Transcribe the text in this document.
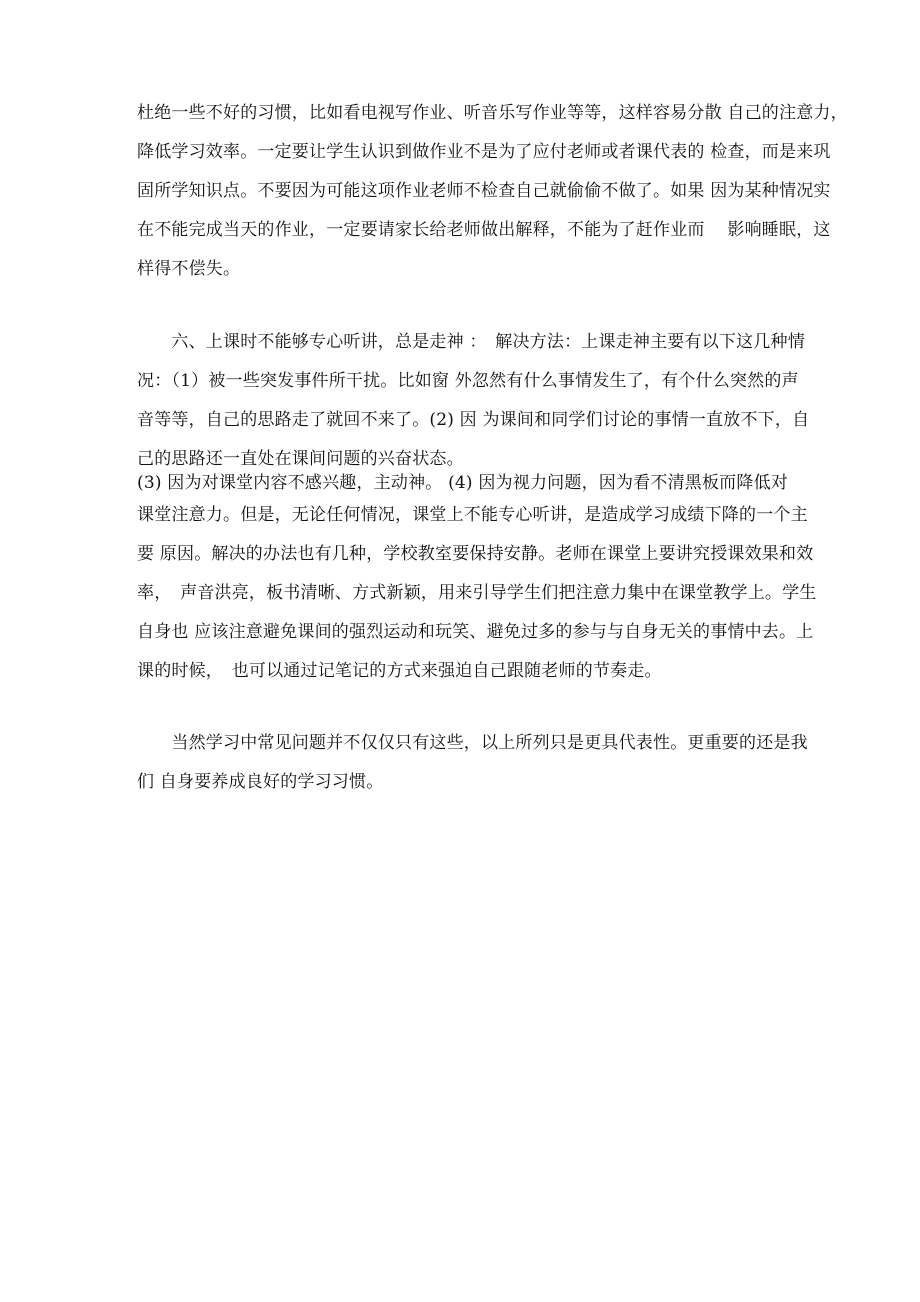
杜绝一些不好的习惯，比如看电视写作业、听音乐写作业等等，这样容易分散 自己的注意力，
降低学习效率。一定要让学生认识到做作业不是为了应付老师或者课代表的 检查，而是来巩
固所学知识点。不要因为可能这项作业老师不检查自己就偷偷不做了。如果 因为某种情况实
在不能完成当天的作业，一定要请家长给老师做出解释，不能为了赶作业而　 影响睡眠，这
样得不偿失。
　　六、上课时不能够专心听讲，总是走神 ：　解决方法：上课走神主要有以下这几种情
况：（1）被一些突发事件所干扰。比如窗 外忽然有什么事情发生了，有个什么突然的声
音等等，自己的思路走了就回不来了。(2) 因 为课间和同学们讨论的事情一直放不下，自
己的思路还一直处在课间问题的兴奋状态。
(3) 因为对课堂内容不感兴趣，主动神。 (4) 因为视力问题，因为看不清黑板而降低对
课堂注意力。但是，无论任何情况，课堂上不能专心听讲，是造成学习成绩下降的一个主
要 原因。解决的办法也有几种，学校教室要保持安静。老师在课堂上要讲究授课效果和效
率，　声音洪亮，板书清晰、方式新颖，用来引导学生们把注意力集中在课堂教学上。学生
自身也 应该注意避免课间的强烈运动和玩笑、避免过多的参与与自身无关的事情中去。上
课的时候，　也可以通过记笔记的方式来强迫自己跟随老师的节奏走。
　　当然学习中常见问题并不仅仅只有这些，以上所列只是更具代表性。更重要的还是我
们 自身要养成良好的学习习惯。
